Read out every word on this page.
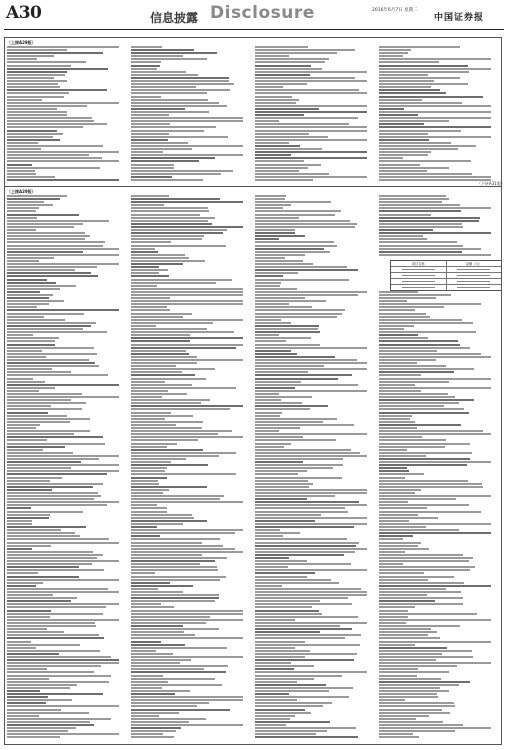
A30	信息披露 Disclosure	2016年6月7日 星期二
中国证券报
（上接A29版）
（上接A29版）
（下转A31版）
项目名称	金额（元）
